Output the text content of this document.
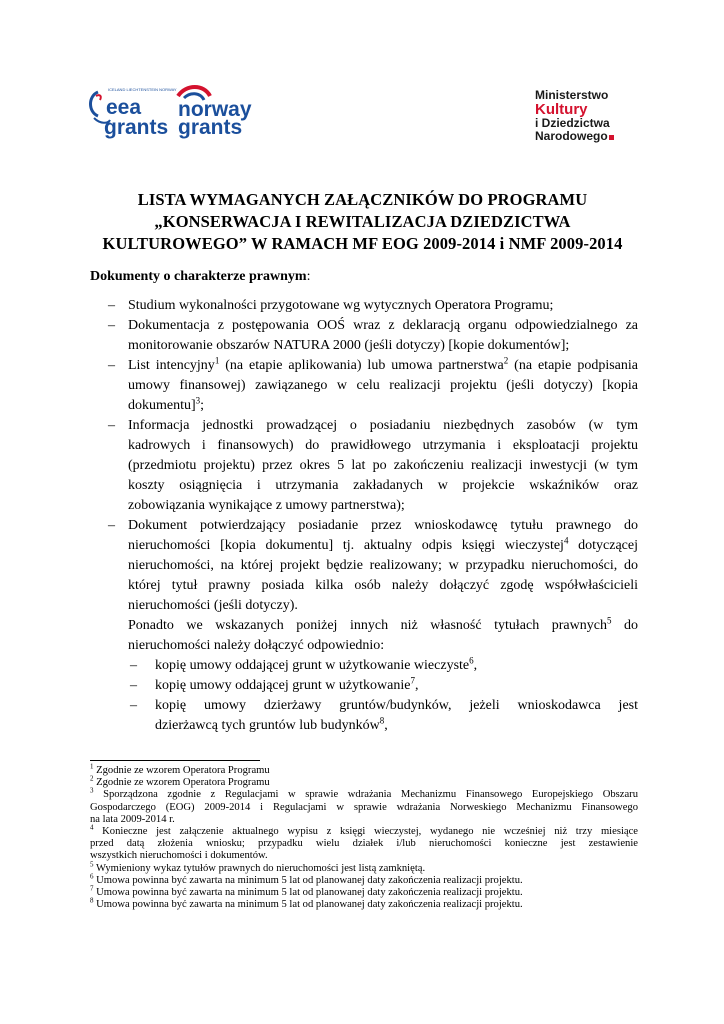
ICELAND LIECHTENSTEIN NORWAY
eea
grants
norway
grants
Ministerstwo
Kultury
i Dziedzictwa
Narodowego
LISTA WYMAGANYCH ZAŁĄCZNIKÓW DO PROGRAMU
„KONSERWACJA I REWITALIZACJA DZIEDZICTWA
KULTUROWEGO” W RAMACH MF EOG 2009-2014 i NMF 2009-2014
Dokumenty o charakterze prawnym:
– Studium wykonalności przygotowane wg wytycznych Operatora Programu;

– Dokumentacja z postępowania OOŚ wraz z deklaracją organu odpowiedzialnego za

monitorowanie obszarów NATURA 2000 (jeśli dotyczy) [kopie dokumentów];

– List intencyjny$^1$ (na etapie aplikowania) lub umowa partnerstwa$^2$ (na etapie podpisania

umowy finansowej) zawiązanego w celu realizacji projektu (jeśli dotyczy) [kopia

dokumentu]$^3$;

– Informacja jednostki prowadzącej o posiadaniu niezbędnych zasobów (w tym

kadrowych i finansowych) do prawidłowego utrzymania i eksploatacji projektu

(przedmiotu projektu) przez okres 5 lat po zakończeniu realizacji inwestycji (w tym

koszty osiągnięcia i utrzymania zakładanych w projekcie wskaźników oraz

zobowiązania wynikające z umowy partnerstwa);

– Dokument potwierdzający posiadanie przez wnioskodawcę tytułu prawnego do

nieruchomości [kopia dokumentu] tj. aktualny odpis księgi wieczystej$^4$ dotyczącej

nieruchomości, na której projekt będzie realizowany; w przypadku nieruchomości, do

której tytuł prawny posiada kilka osób należy dołączyć zgodę współwłaścicieli

nieruchomości (jeśli dotyczy).

Ponadto we wskazanych poniżej innych niż własność tytułach prawnych$^5$ do

nieruchomości należy dołączyć odpowiednio:

– kopię umowy oddającej grunt w użytkowanie wieczyste$^6$,

– kopię umowy oddającej grunt w użytkowanie$^7$,

– kopię umowy dzierżawy gruntów/budynków, jeżeli wnioskodawca jest

dzierżawcą tych gruntów lub budynków$^8$,

$^1$ Zgodnie ze wzorem Operatora Programu

$^2$ Zgodnie ze wzorem Operatora Programu

$^3$ Sporządzona zgodnie z Regulacjami w sprawie wdrażania Mechanizmu Finansowego Europejskiego Obszaru

Gospodarczego (EOG) 2009-2014 i Regulacjami w sprawie wdrażania Norweskiego Mechanizmu Finansowego

na lata 2009-2014 r.

$^4$ Konieczne jest załączenie aktualnego wypisu z księgi wieczystej, wydanego nie wcześniej niż trzy miesiące

przed datą złożenia wniosku; przypadku wielu działek i/lub nieruchomości konieczne jest zestawienie

wszystkich nieruchomości i dokumentów.

$^5$ Wymieniony wykaz tytułów prawnych do nieruchomości jest listą zamkniętą.

$^6$ Umowa powinna być zawarta na minimum 5 lat od planowanej daty zakończenia realizacji projektu.

$^7$ Umowa powinna być zawarta na minimum 5 lat od planowanej daty zakończenia realizacji projektu.

$^8$ Umowa powinna być zawarta na minimum 5 lat od planowanej daty zakończenia realizacji projektu.
